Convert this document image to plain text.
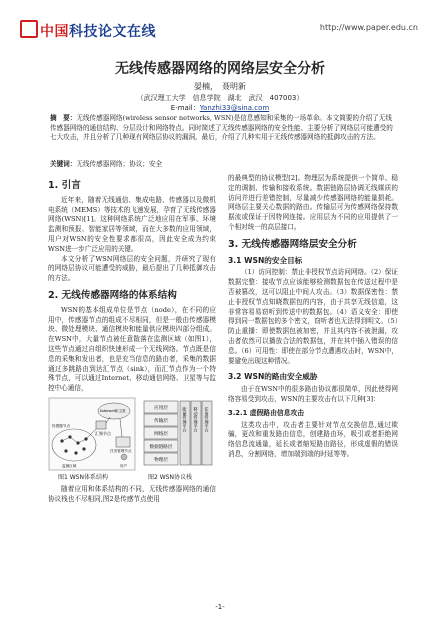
中国科技论文在线	http://www.paper.edu.cn
无线传感器网络的网络层安全分析
晏楠，　聂明新
（武汉理工大学　信息学院　湖北　武汉　407003）
E-mail：Yanzhi33@sina.com
摘　要：无线传感器网络(wireless sensor networks, WSN)是信息感知和采集的一场革命。本文简要的介绍了无线传感器网络的通信结构、分层设计和网络特点。同时简述了无线传感器网络的安全性能、主要分析了网络层可能遭受的七大攻击，并且分析了几种现有网络层协议的漏洞，最后，介绍了几种实用于无线传感器网络的抵御攻击的方法。
关键词：无线传感器网络；协议；安全
1. 引言

近年来，随着无线通信、集成电路、传感器以及微机电系统（MEMS）等技术的飞速发展，孕育了无线传感器网络(WSN)[1]。这种网络系统广泛地应用在军事、环境监测和预报、智能家居等领域，而在大多数的应用领域，用户对WSN的安全性要求都很高，因此安全成为约束WSN进一步广泛应用的关键。

本文分析了WSN网络层的安全问题，并研究了现有的网络层协议可能遭受的威胁，最后提出了几种抵御攻击的方法。

2. 无线传感器网络的体系结构

WSN的基本组成单位是节点（node），在不同的应用中，传感器节点的组成不尽相同，但是一般由传感器模块、微处理模块、通信模块和能量供应模块四部分组成。在WSN中，大量节点被任意散落在监测区域（如图1），这些节点通过自组织快速形成一个无线网络。节点既是信息的采集和发出者，也是充当信息的路由者，采集的数据通过多跳路由到达汇节点（sink），而汇节点作为一个特殊节点，可以通过Internet、移动通信网络、卫星等与监控中心通信，

汇聚节点
Internet和卫星
任务管理节点
用户
传感器节点
监测区域
应用层
传输层
网络层
数据链路层
物理层
能量管理平台 移动管理平台 任务管理平台
图1 WSN体系结构	图2 WSN协议栈

随着应用和体系结构的不同，无线传感器网络的通信协议栈也不尽相同,图2是传感节点使用

的最典型的协议模型[2]。物理层为系统提供一个简单、稳定的调制、传输和接收系统。数据链路层协调无线媒质的访问并进行差错控制，尽量减少传感器网络的能量损耗。网络层主要关心数据的路由。传输层可为传感网络保持数据流或保证于因特网连接。应用层为不同的应用提供了一个相对统一的高层接口。

3. 无线传感器网络层安全分析
3.1 WSN的安全目标

（1）访问控制：禁止非授权节点访问网络。（2）保证数据完整：接收节点应该能够检测数据包在传送过程中是否被篡改，这可以阻止中间人攻击。（3）数据保密性：禁止非授权节点知晓数据包的内容，由于共享无线信道，这非常容易易窃听到传送中的数据包。（4）语义安全：即使得到同一数据包的多个密文，窃听者也无法得到明文。（5）防止重播：即使数据包被加密，并且其内容不被泄漏，攻击者依然可以播放合法的数据包，并在其中插入错误的信息。（6）可用性：即使在部分节点遭遇攻击时，WSN中，要避免出现这种情况。

3.2 WSN的路由安全威胁

由于在WSN中的很多路由协议都很简单，因此使得网络容易受到攻击，WSN的主要攻击有以下几种[3]：

3.2.1 虚假路由信息攻击

这类攻击中，攻击者主要针对节点交换信息,通过欺骗，更改和重发路由信息，创建路由环，吸引或者拒绝网络信息流通量，延长或者缩短路由路径，形成虚假的错误消息，分割网络，增加端到端的时延等等。

-1-
